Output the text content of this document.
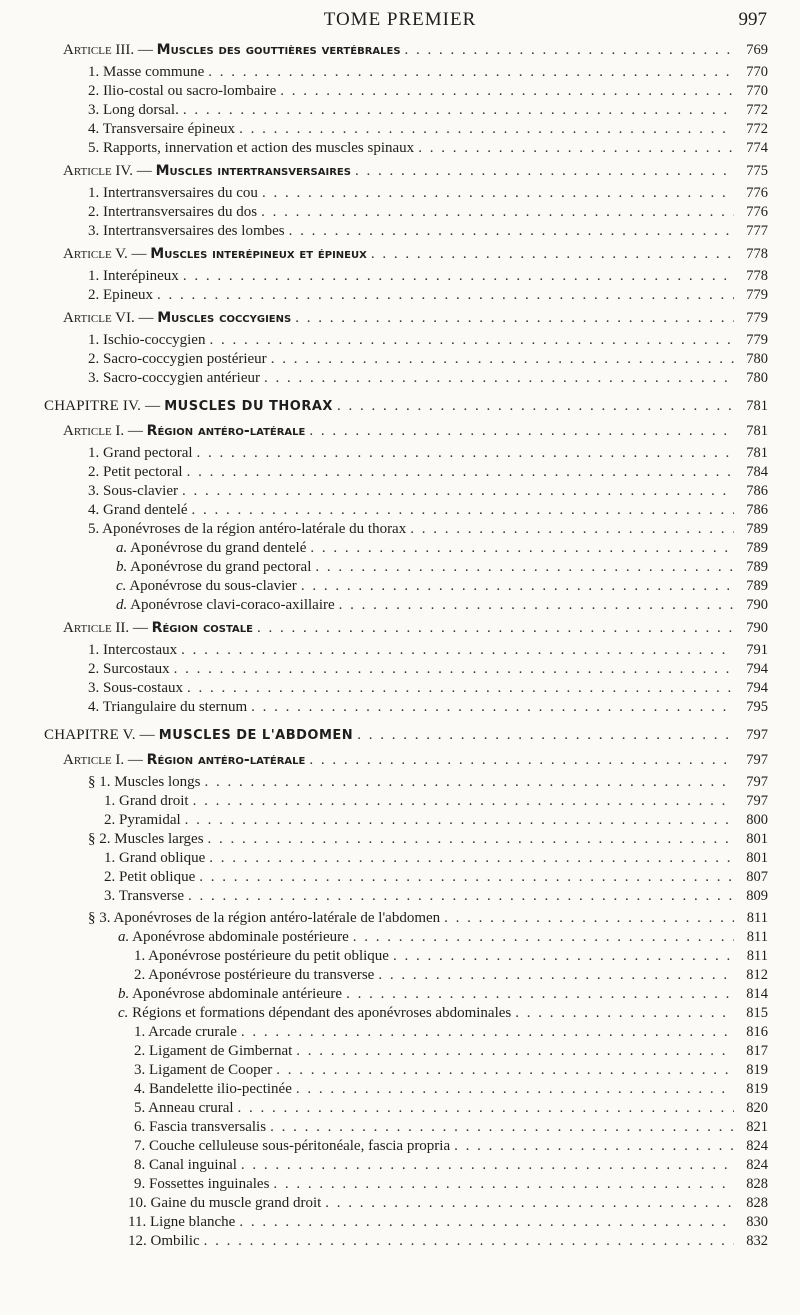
TOME PREMIER	997
Article III. — Muscles des gouttières vertébrales . . .	769
1. Masse commune . . .	770
2. Ilio-costal ou sacro-lombaire . . .	770
3. Long dorsal. . . .	772
4. Transversaire épineux . . .	772
5. Rapports, innervation et action des muscles spinaux . . .	774
Article IV. — Muscles intertransversaires . . .	775
1. Intertransversaires du cou . . .	776
2. Intertransversaires du dos . . .	776
3. Intertransversaires des lombes . . .	777
Article V. — Muscles interépineux et épineux . . .	778
1. Interépineux . . .	778
2. Epineux . . .	779
Article VI. — Muscles coccygiens . . .	779
1. Ischio-coccygien . . .	779
2. Sacro-coccygien postérieur . . .	780
3. Sacro-coccygien antérieur . . .	780
CHAPITRE IV. — MUSCLES DU THORAX . . .	781
Article I. — Région antéro-latérale . . .	781
1. Grand pectoral . . .	781
2. Petit pectoral . . .	784
3. Sous-clavier . . .	786
4. Grand dentelé . . .	786
5. Aponévroses de la région antéro-latérale du thorax . . .	789
a. Aponévrose du grand dentelé . . .	789
b. Aponévrose du grand pectoral . . .	789
c. Aponévrose du sous-clavier . . .	789
d. Aponévrose clavi-coraco-axillaire . . .	790
Article II. — Région costale . . .	790
1. Intercostaux . . .	791
2. Surcostaux . . .	794
3. Sous-costaux . . .	794
4. Triangulaire du sternum . . .	795
CHAPITRE V. — MUSCLES DE L'ABDOMEN . . .	797
Article I. — Région antéro-latérale . . .	797
§ 1. Muscles longs . . .	797
1. Grand droit . . .	797
2. Pyramidal . . .	800
§ 2. Muscles larges . . .	801
1. Grand oblique . . .	801
2. Petit oblique . . .	807
3. Transverse . . .	809
§ 3. Aponévroses de la région antéro-latérale de l'abdomen . . .	811
a. Aponévrose abdominale postérieure . . .	811
1. Aponévrose postérieure du petit oblique . . .	811
2. Aponévrose postérieure du transverse . . .	812
b. Aponévrose abdominale antérieure . . .	814
c. Régions et formations dépendant des aponévroses abdominales . . .	815
1. Arcade crurale . . .	816
2. Ligament de Gimbernat . . .	817
3. Ligament de Cooper . . .	819
4. Bandelette ilio-pectinée . . .	819
5. Anneau crural . . .	820
6. Fascia transversalis . . .	821
7. Couche celluleuse sous-péritonéale, fascia propria . . .	824
8. Canal inguinal . . .	824
9. Fossettes inguinales . . .	828
10. Gaine du muscle grand droit . . .	828
11. Ligne blanche . . .	830
12. Ombilic . . .	832
